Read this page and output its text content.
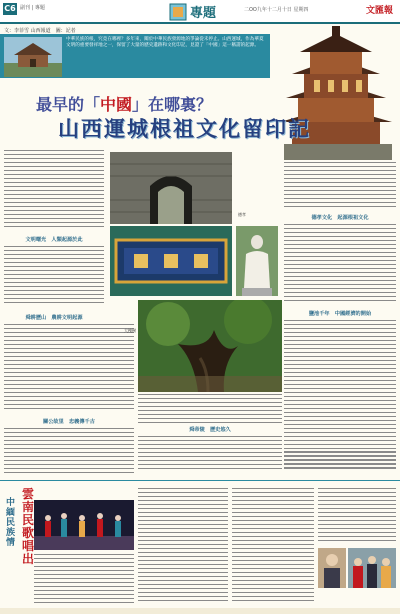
C6 副刊 | 專題	專題	二OO九年十二月十日 星期四	文匯報
文：李菲雪 山西報道　圖：記者
中華民族的根，究竟在哪裡？多年來，關於中華民族發源地的爭論從未停止。山西運城，作為華夏文明的重要發祥地之一，保留了大量的歷史遺跡和文化印記，見證了「中國」這一稱謂的起源。
最早的「中國」在哪裏？
山西運城根祖文化留印記
文明曙光　人類起源於此
舜耕歷山　農耕文明起源
關公故里　忠義傳千古
德孝
大槐樹
舜帝陵　歷史悠久
德孝文化　起源根祖文化
鹽池千年　中國經濟的開始
雲南民歌唱出
中緬民族情
